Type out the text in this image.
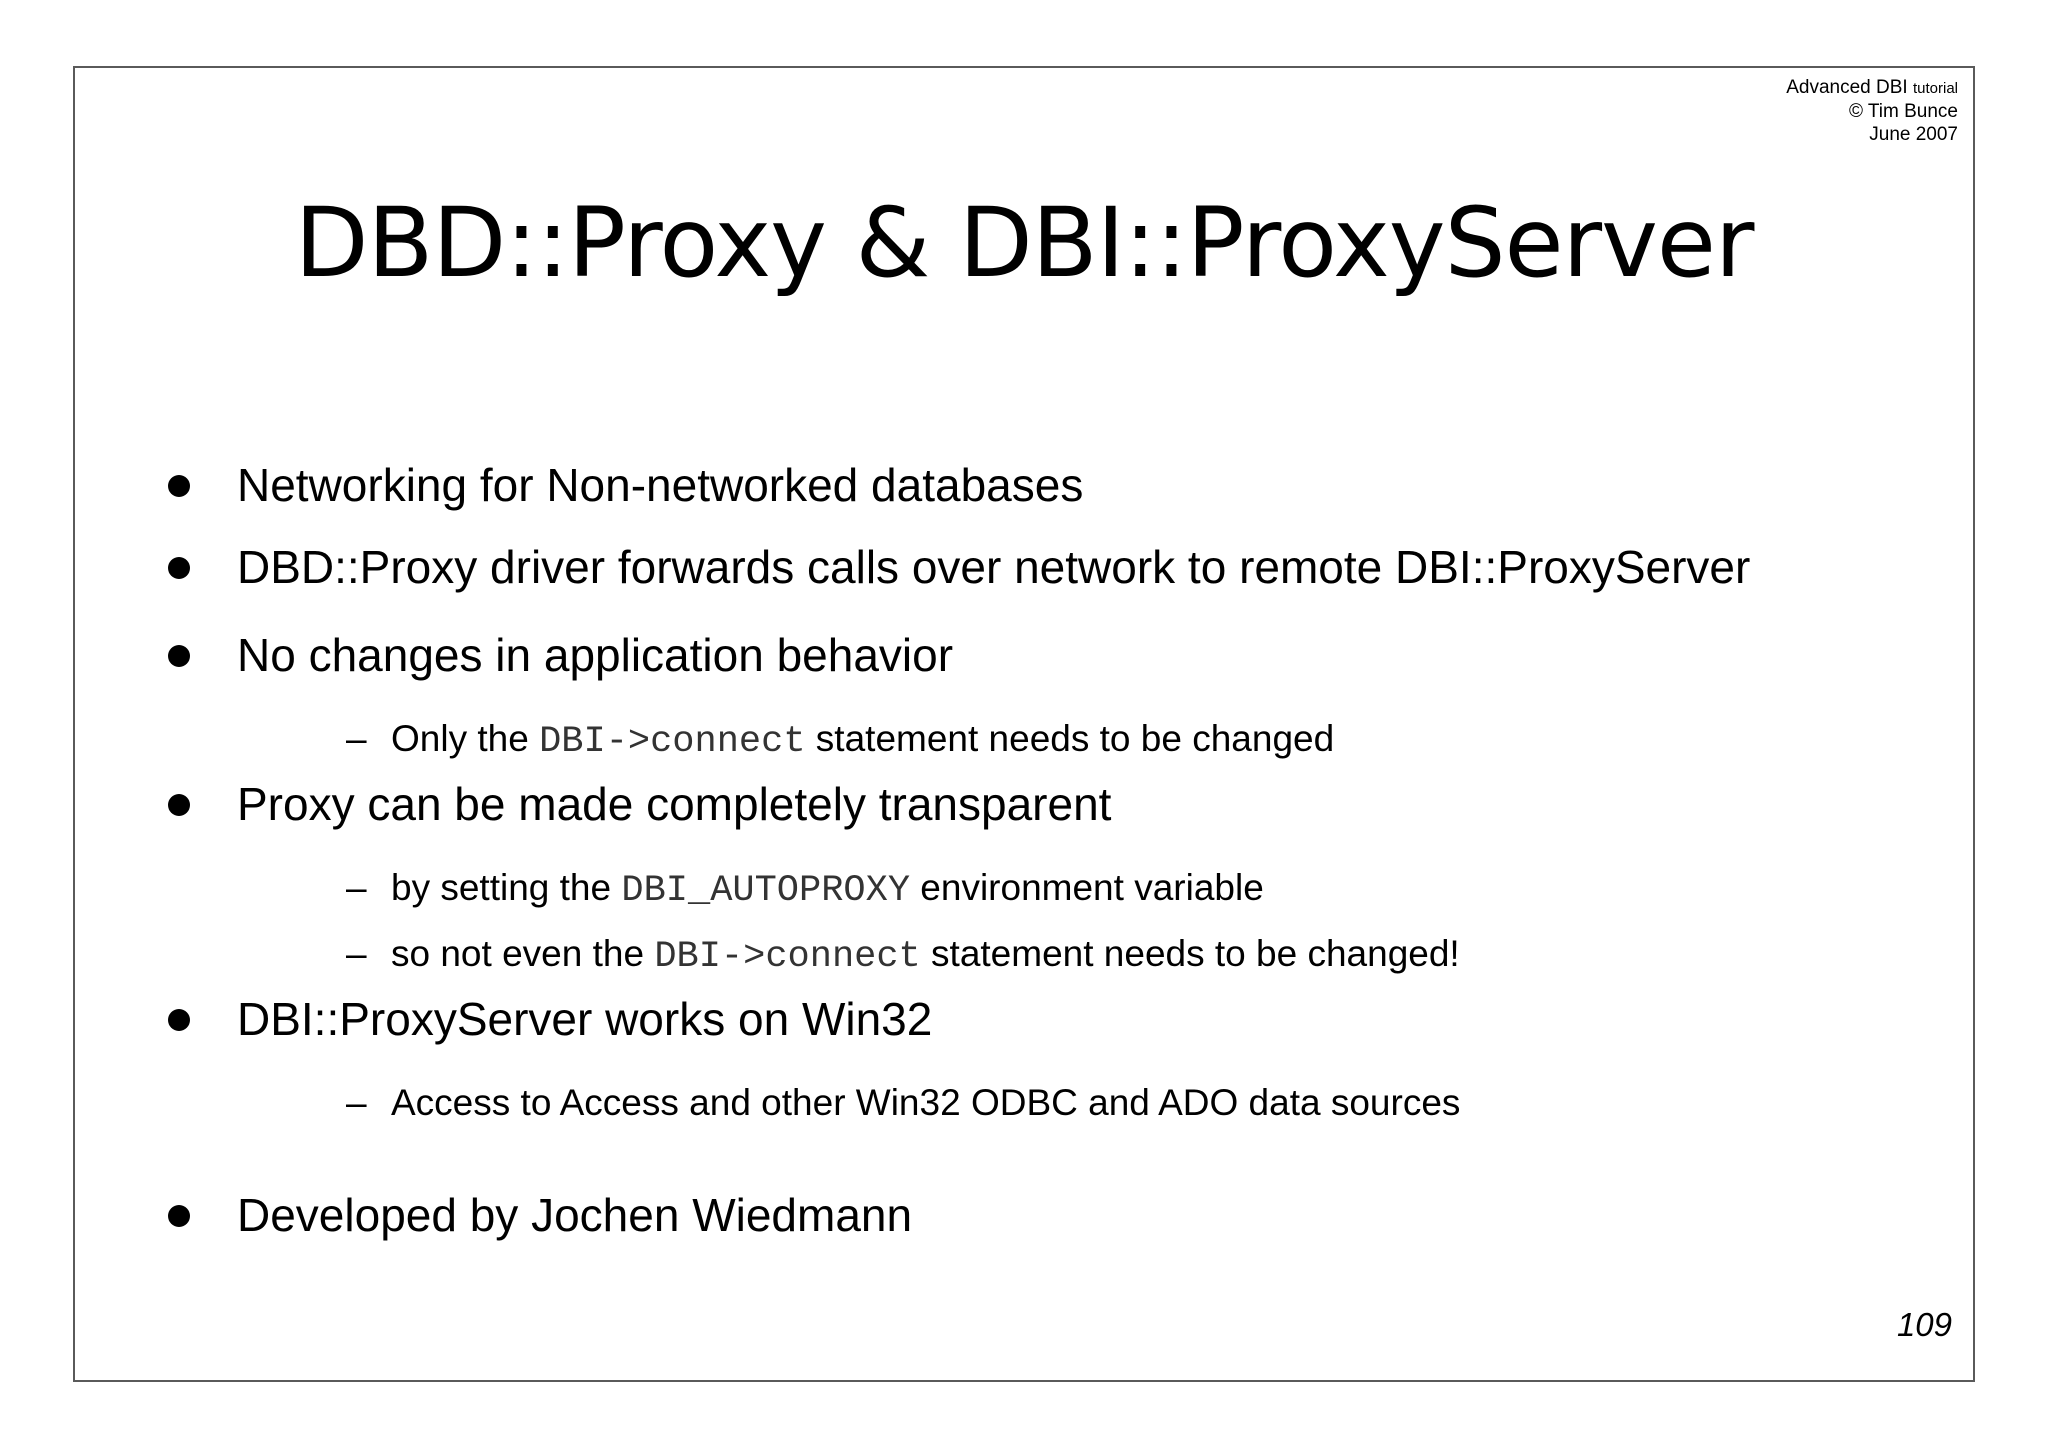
Advanced DBI tutorial
© Tim Bunce
June 2007
DBD::Proxy & DBI::ProxyServer
Networking for Non-networked databases
DBD::Proxy driver forwards calls over network to remote DBI::ProxyServer
No changes in application behavior
– Only the DBI->connect statement needs to be changed
Proxy can be made completely transparent
– by setting the DBI_AUTOPROXY environment variable
– so not even the DBI->connect statement needs to be changed!
DBI::ProxyServer works on Win32
– Access to Access and other Win32 ODBC and ADO data sources
Developed by Jochen Wiedmann
109
